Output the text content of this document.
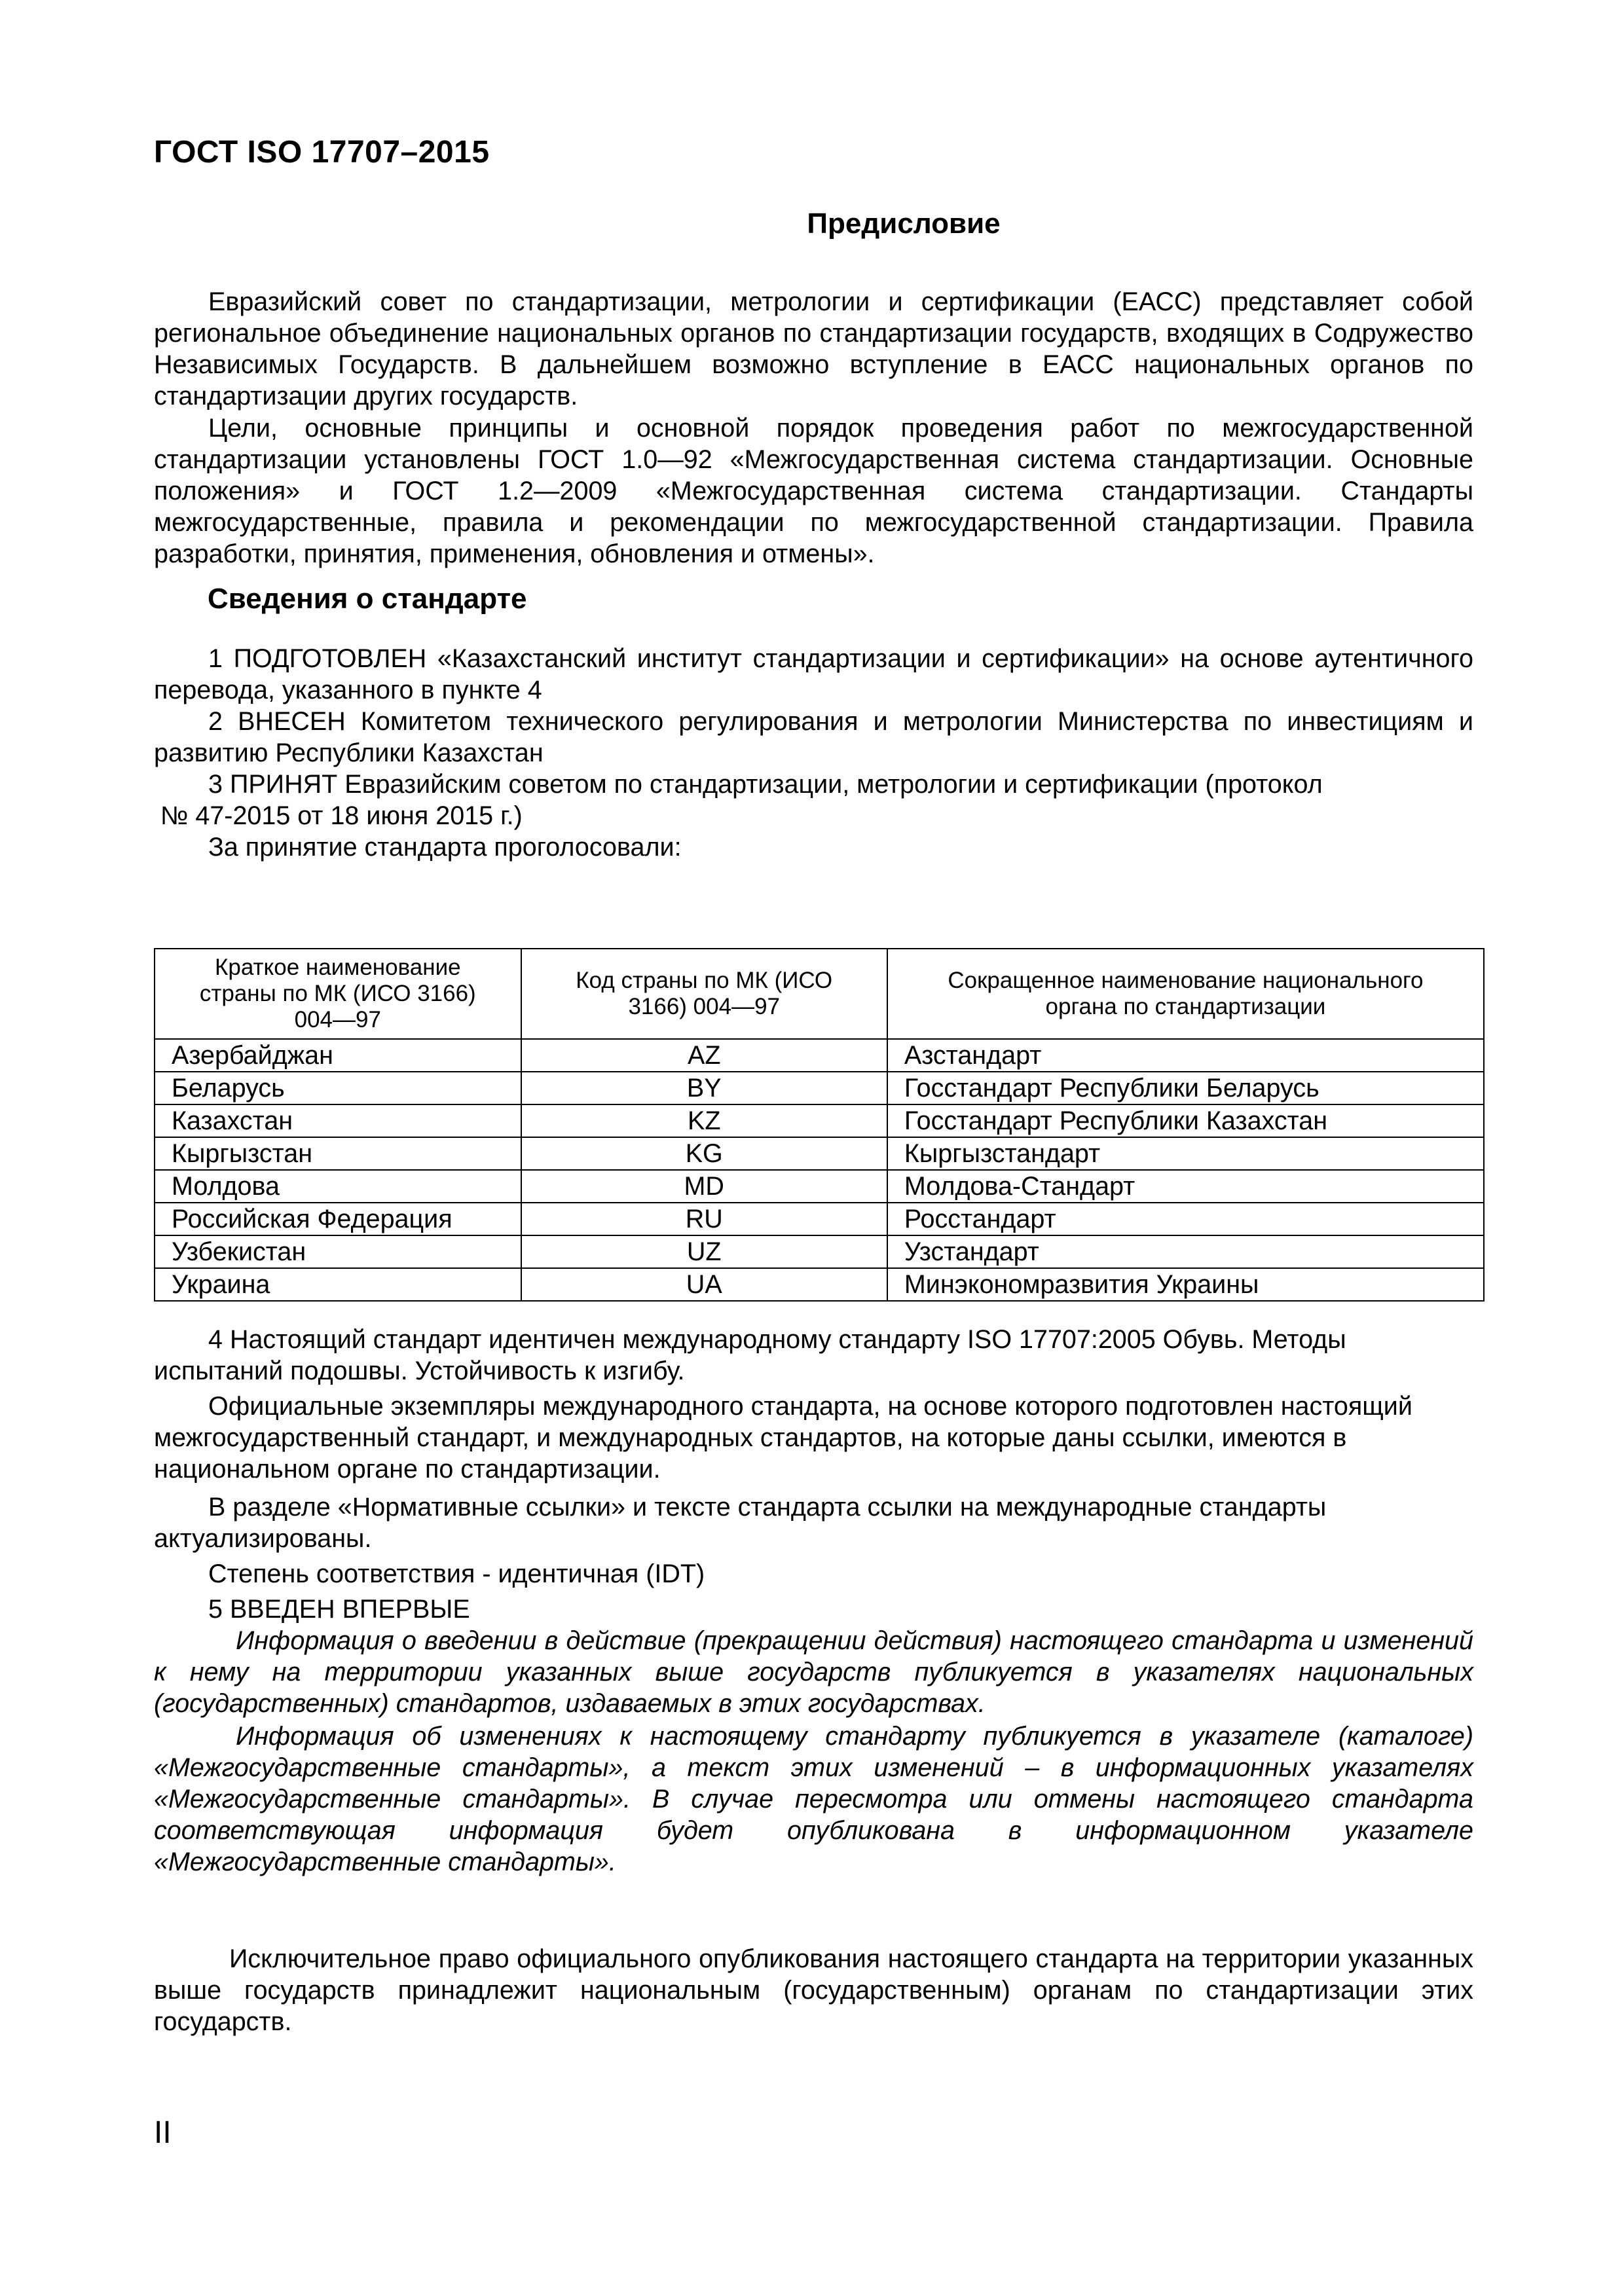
ГОСТ ISO 17707–2015
Предисловие

Евразийский совет по стандартизации, метрологии и сертификации (ЕАСС) представляет собой региональное объединение национальных органов по стандартизации государств, входящих в Содружество Независимых Государств. В дальнейшем возможно вступление в ЕАСС национальных органов по стандартизации других государств.

Цели, основные принципы и основной порядок проведения работ по межгосударственной стандартизации установлены ГОСТ 1.0—92 «Межгосударственная система стандартизации. Основные положения» и ГОСТ 1.2—2009 «Межгосударственная система стандартизации. Стандарты межгосударственные, правила и рекомендации по межгосударственной стандартизации. Правила разработки, принятия, применения, обновления и отмены».

Сведения о стандарте

1 ПОДГОТОВЛЕН «Казахстанский институт стандартизации и сертификации» на основе аутентичного перевода, указанного в пункте 4

2 ВНЕСЕН Комитетом технического регулирования и метрологии Министерства по инвестициям и развитию Республики Казахстан

3 ПРИНЯТ Евразийским советом по стандартизации, метрологии и сертификации (протокол

№ 47-2015 от 18 июня 2015 г.)

За принятие стандарта проголосовали:

Краткое наименование страны по МК (ИСО 3166) 004—97	Код страны по МК (ИСО 3166) 004—97	Сокращенное наименование национального органа по стандартизации

Азербайджан	AZ	Азстандарт
Беларусь	BY	Госстандарт Республики Беларусь
Казахстан	KZ	Госстандарт Республики Казахстан
Кыргызстан	KG	Кыргызстандарт
Молдова	MD	Молдова-Стандарт
Российская Федерация	RU	Росстандарт
Узбекистан	UZ	Узстандарт
Украина	UA	Минэкономразвития Украины

4 Настоящий стандарт идентичен международному стандарту ISO 17707:2005 Обувь. Методы испытаний подошвы. Устойчивость к изгибу.

Официальные экземпляры международного стандарта, на основе которого подготовлен настоящий межгосударственный стандарт, и международных стандартов, на которые даны ссылки, имеются в национальном органе по стандартизации.

В разделе «Нормативные ссылки» и тексте стандарта ссылки на международные стандарты актуализированы.

Степень соответствия - идентичная (IDT)

5 ВВЕДЕН ВПЕРВЫЕ

Информация о введении в действие (прекращении действия) настоящего стандарта и изменений к нему на территории указанных выше государств публикуется в указателях национальных (государственных) стандартов, издаваемых в этих государствах.

Информация об изменениях к настоящему стандарту публикуется в указателе (каталоге) «Межгосударственные стандарты», а текст этих изменений – в информационных указателях «Межгосударственные стандарты». В случае пересмотра или отмены настоящего стандарта соответствующая информация будет опубликована в информационном указателе «Межгосударственные стандарты».

Исключительное право официального опубликования настоящего стандарта на территории указанных выше государств принадлежит национальным (государственным) органам по стандартизации этих государств.

II
